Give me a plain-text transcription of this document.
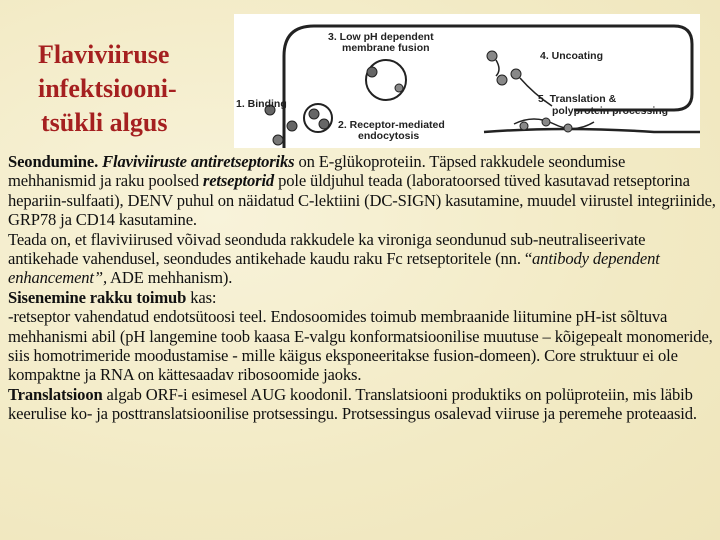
Flaviviiruse
infektsiooni-
tsükli algus
1. Binding
2. Receptor-mediated
endocytosis
3. Low pH dependent
membrane fusion
4. Uncoating
5. Translation &
polyprotein processing

Seondumine. Flaviviiruste antiretseptoriks on E-glükoproteiin. Täpsed rakkudele seondumise mehhanismid ja raku poolsed retseptorid pole üldjuhul teada (laboratoorsed tüved kasutavad retseptorina hepariin-sulfaati), DENV puhul on näidatud C-lektiini (DC-SIGN) kasutamine, muudel viirustel integriinide, GRP78 ja CD14 kasutamine.

Teada on, et flaviviirused võivad seonduda rakkudele ka vironiga seondunud sub-neutraliseerivate antikehade vahendusel, seondudes antikehade kaudu raku Fc retseptoritele (nn. “antibody dependent enhancement”, ADE mehhanism).

Sisenemine rakku toimub kas:

-retseptor vahendatud endotsütoosi teel. Endosoomides toimub membraanide liitumine pH-ist sõltuva mehhanismi abil (pH langemine toob kaasa E-valgu konformatsioonilise muutuse – kõigepealt monomeride, siis homotrimeride moodustamise - mille käigus eksponeeritakse fusion-domeen). Core struktuur ei ole kompaktne ja RNA on kättesaadav ribosoomide jaoks.

Translatsioon algab ORF-i esimesel AUG koodonil. Translatsiooni produktiks on polüproteiin, mis läbib keerulise ko- ja posttranslatsioonilise protsessingu. Protsessingus osalevad viiruse ja peremehe proteaasid.
